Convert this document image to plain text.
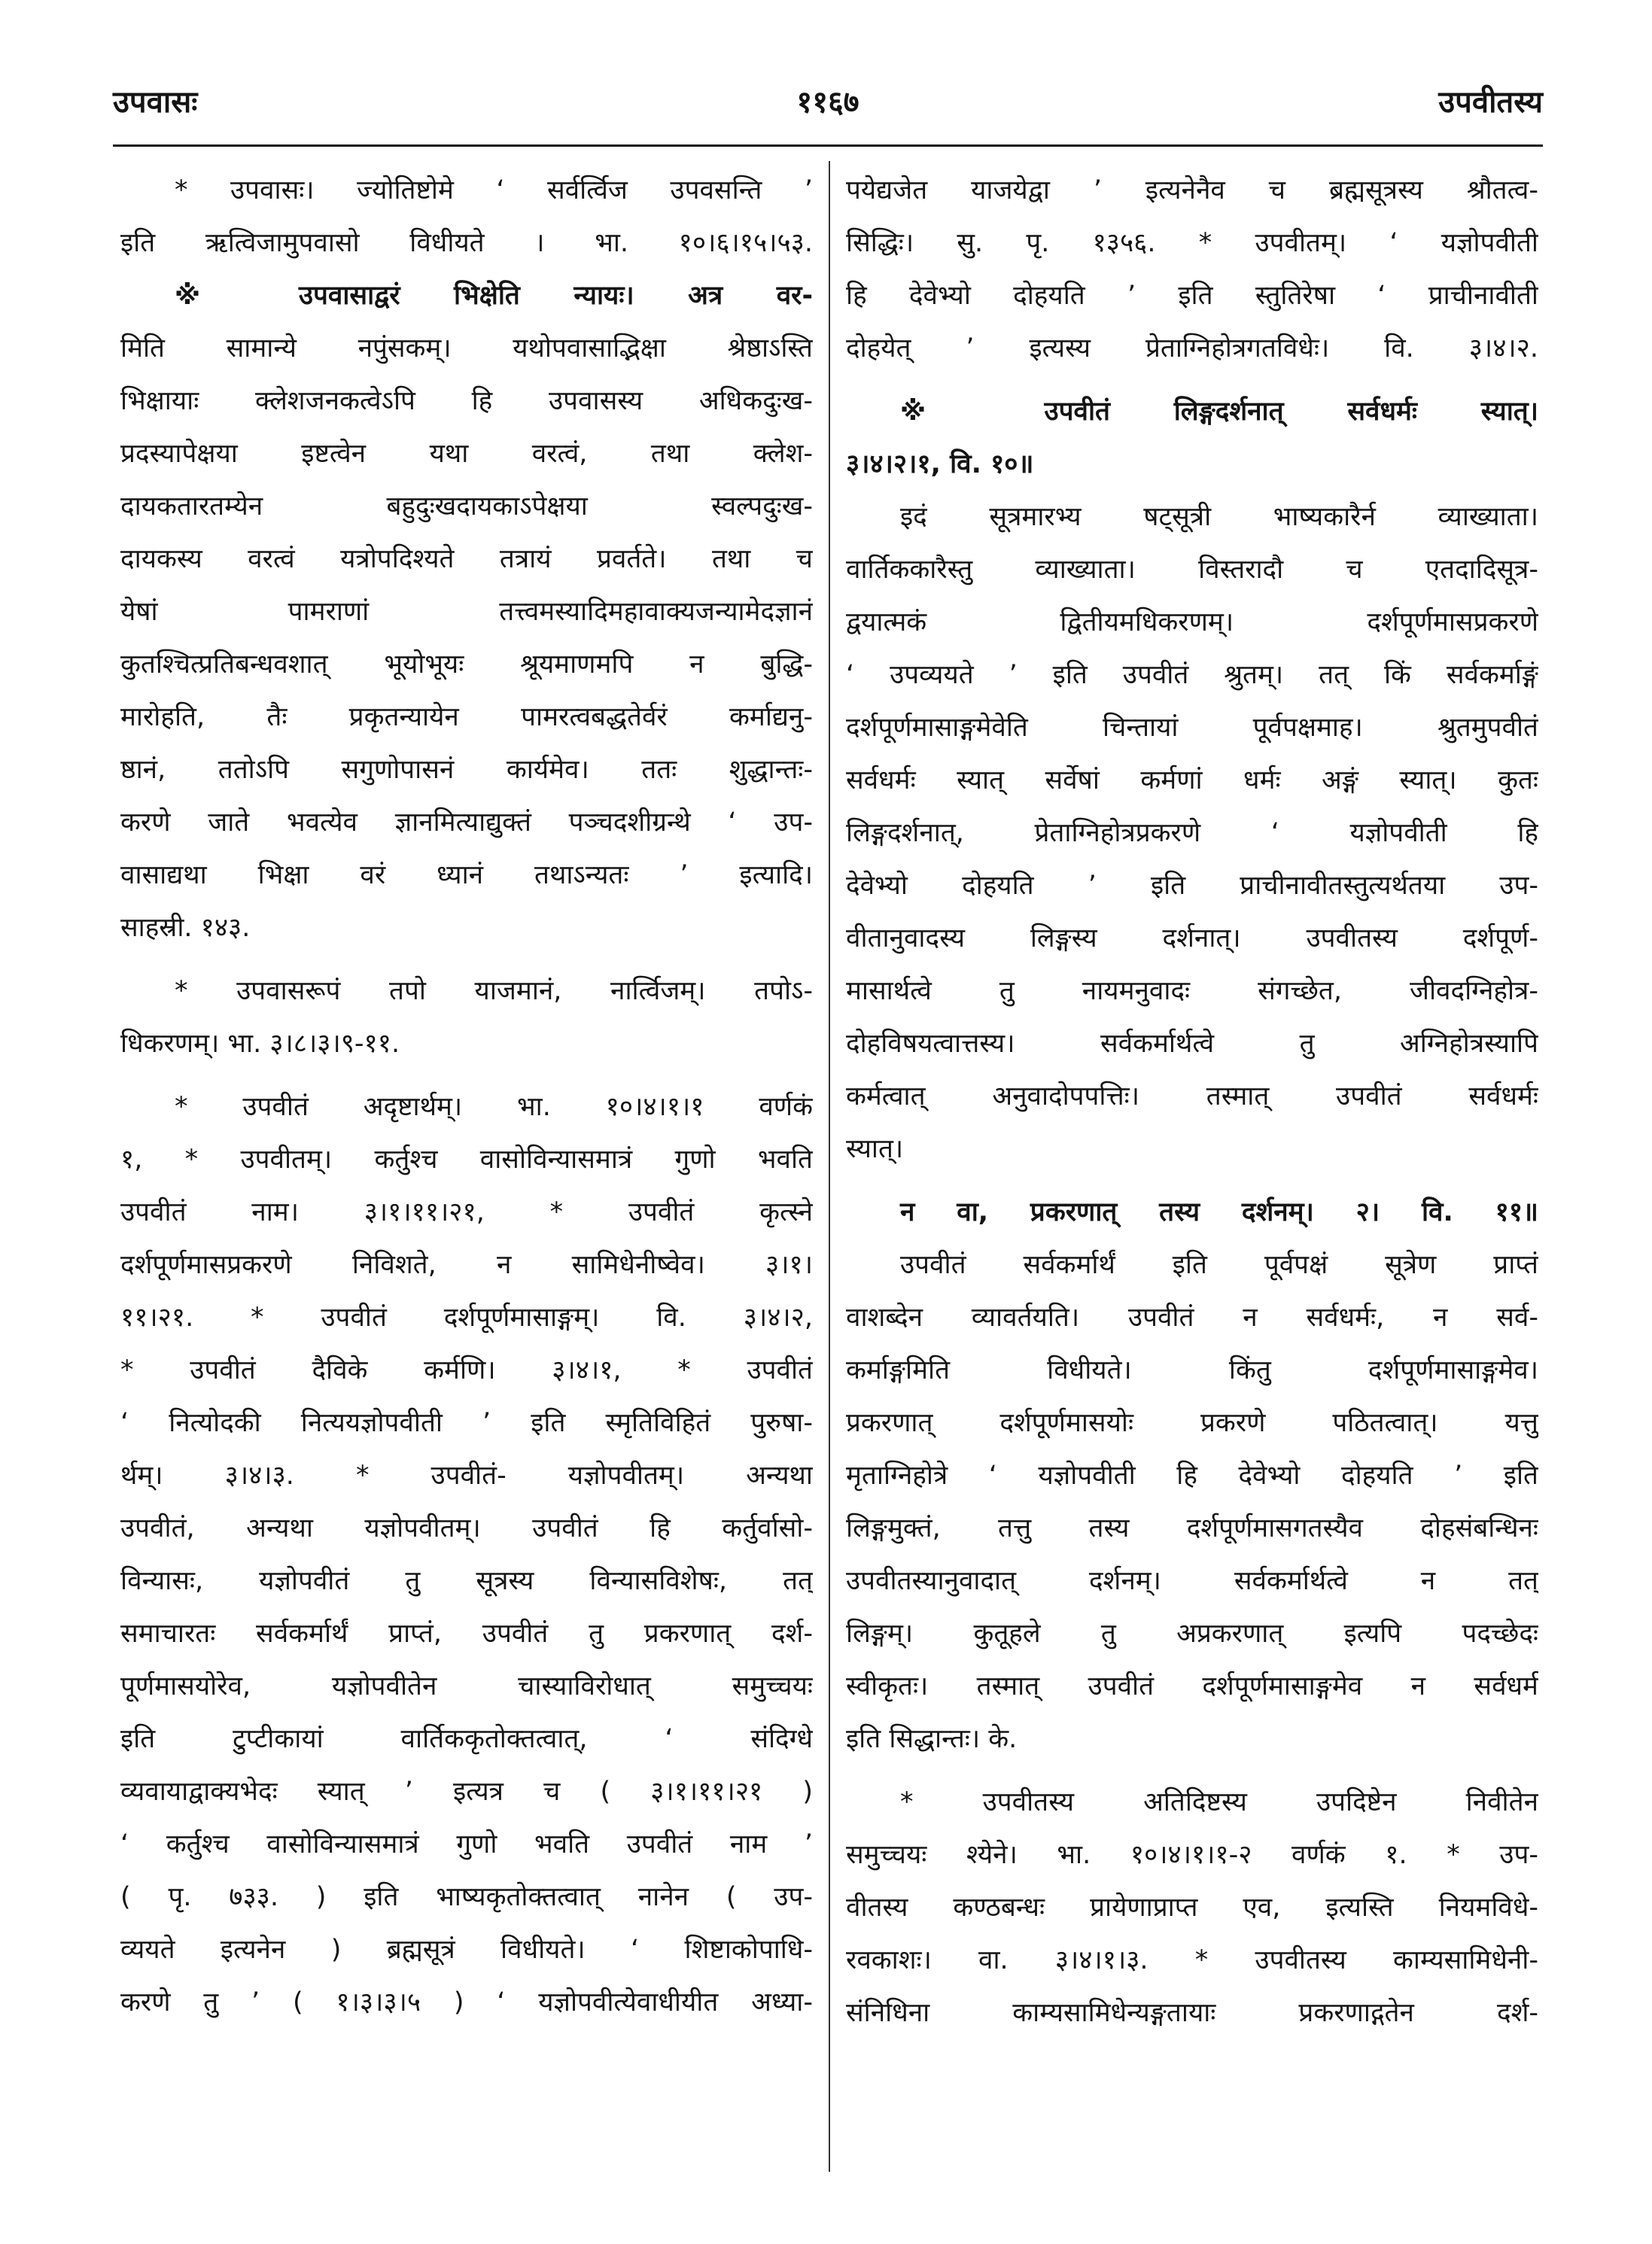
उपवासः	११६७	उपवीतस्य
* उपवासः। ज्योतिष्टोमे ‘ सर्वर्त्विज उपवसन्ति ’
इति ऋत्विजामुपवासो विधीयते । भा. १०।६।१५।५३.
※ उपवासाद्वरं भिक्षेति न्यायः। अत्र वर-
मिति सामान्ये नपुंसकम्। यथोपवासाद्भिक्षा श्रेष्ठाऽस्ति
भिक्षायाः क्लेशजनकत्वेऽपि हि उपवासस्य अधिकदुःख-
प्रदस्यापेक्षया इष्टत्वेन यथा वरत्वं, तथा क्लेश-
दायकतारतम्येन बहुदुःखदायकाऽपेक्षया स्वल्पदुःख-
दायकस्य वरत्वं यत्रोपदिश्यते तत्रायं प्रवर्तते। तथा च
येषां पामराणां तत्त्वमस्यादिमहावाक्यजन्यामेदज्ञानं
कुतश्चित्प्रतिबन्धवशात् भूयोभूयः श्रूयमाणमपि न बुद्धि-
मारोहति, तैः प्रकृतन्यायेन पामरत्वबद्धतेर्वरं कर्माद्यनु-
ष्ठानं, ततोऽपि सगुणोपासनं कार्यमेव। ततः शुद्धान्तः-
करणे जाते भवत्येव ज्ञानमित्याद्युक्तं पञ्चदशीग्रन्थे ‘ उप-
वासाद्यथा भिक्षा वरं ध्यानं तथाऽन्यतः ’ इत्यादि।
साहस्री. १४३.
* उपवासरूपं तपो याजमानं, नार्त्विजम्। तपोऽ-
धिकरणम्। भा. ३।८।३।९-११.
* उपवीतं अदृष्टार्थम्। भा. १०।४।१।१ वर्णकं
१, * उपवीतम्। कर्तुश्च वासोविन्यासमात्रं गुणो भवति
उपवीतं नाम। ३।१।११।२१, * उपवीतं कृत्स्ने
दर्शपूर्णमासप्रकरणे निविशते, न सामिधेनीष्वेव। ३।१।
११।२१. * उपवीतं दर्शपूर्णमासाङ्गम्। वि. ३।४।२,
* उपवीतं दैविके कर्मणि। ३।४।१, * उपवीतं
‘ नित्योदकी नित्ययज्ञोपवीती ’ इति स्मृतिविहितं पुरुषा-
र्थम्। ३।४।३. * उपवीतं- यज्ञोपवीतम्। अन्यथा
उपवीतं, अन्यथा यज्ञोपवीतम्। उपवीतं हि कर्तुर्वासो-
विन्यासः, यज्ञोपवीतं तु सूत्रस्य विन्यासविशेषः, तत्
समाचारतः सर्वकर्मार्थं प्राप्तं, उपवीतं तु प्रकरणात् दर्श-
पूर्णमासयोरेव, यज्ञोपवीतेन चास्याविरोधात् समुच्चयः
इति टुप्टीकायां वार्तिककृतोक्तत्वात्, ‘ संदिग्धे
व्यवायाद्वाक्यभेदः स्यात् ’ इत्यत्र च ( ३।१।११।२१ )
‘ कर्तुश्च वासोविन्यासमात्रं गुणो भवति उपवीतं नाम ’
( पृ. ७३३. ) इति भाष्यकृतोक्तत्वात् नानेन ( उप-
व्ययते इत्यनेन ) ब्रह्मसूत्रं विधीयते। ‘ शिष्टाकोपाधि-
करणे तु ’ ( १।३।३।५ ) ‘ यज्ञोपवीत्येवाधीयीत अध्या-
पयेद्यजेत याजयेद्वा ’ इत्यनेनैव च ब्रह्मसूत्रस्य श्रौतत्व-
सिद्धिः। सु. पृ. १३५६. * उपवीतम्। ‘ यज्ञोपवीती
हि देवेभ्यो दोहयति ’ इति स्तुतिरेषा ‘ प्राचीनावीती
दोहयेत् ’ इत्यस्य प्रेताग्निहोत्रगतविधेः। वि. ३।४।२.
※ उपवीतं लिङ्गदर्शनात् सर्वधर्मः स्यात्।
३।४।२।१, वि. १०॥
इदं सूत्रमारभ्य षट्सूत्री भाष्यकारैर्न व्याख्याता।
वार्तिककारैस्तु व्याख्याता। विस्तरादौ च एतदादिसूत्र-
द्वयात्मकं द्वितीयमधिकरणम्। दर्शपूर्णमासप्रकरणे
‘ उपव्ययते ’ इति उपवीतं श्रुतम्। तत् किं सर्वकर्माङ्गं
दर्शपूर्णमासाङ्गमेवेति चिन्तायां पूर्वपक्षमाह। श्रुतमुपवीतं
सर्वधर्मः स्यात् सर्वेषां कर्मणां धर्मः अङ्गं स्यात्। कुतः
लिङ्गदर्शनात्, प्रेताग्निहोत्रप्रकरणे ‘ यज्ञोपवीती हि
देवेभ्यो दोहयति ’ इति प्राचीनावीतस्तुत्यर्थतया उप-
वीतानुवादस्य लिङ्गस्य दर्शनात्। उपवीतस्य दर्शपूर्ण-
मासार्थत्वे तु नायमनुवादः संगच्छेत, जीवदग्निहोत्र-
दोहविषयत्वात्तस्य। सर्वकर्मार्थत्वे तु अग्निहोत्रस्यापि
कर्मत्वात् अनुवादोपपत्तिः। तस्मात् उपवीतं सर्वधर्मः
स्यात्।
न वा, प्रकरणात् तस्य दर्शनम्। २। वि. ११॥
उपवीतं सर्वकर्मार्थं इति पूर्वपक्षं सूत्रेण प्राप्तं
वाशब्देन व्यावर्तयति। उपवीतं न सर्वधर्मः, न सर्व-
कर्माङ्गमिति विधीयते। किंतु दर्शपूर्णमासाङ्गमेव।
प्रकरणात् दर्शपूर्णमासयोः प्रकरणे पठितत्वात्। यत्तु
मृताग्निहोत्रे ‘ यज्ञोपवीती हि देवेभ्यो दोहयति ’ इति
लिङ्गमुक्तं, तत्तु तस्य दर्शपूर्णमासगतस्यैव दोहसंबन्धिनः
उपवीतस्यानुवादात् दर्शनम्। सर्वकर्मार्थत्वे न तत्
लिङ्गम्। कुतूहले तु अप्रकरणात् इत्यपि पदच्छेदः
स्वीकृतः। तस्मात् उपवीतं दर्शपूर्णमासाङ्गमेव न सर्वधर्म
इति सिद्धान्तः। के.
* उपवीतस्य अतिदिष्टस्य उपदिष्टेन निवीतेन
समुच्चयः श्येने। भा. १०।४।१।१-२ वर्णकं १. * उप-
वीतस्य कण्ठबन्धः प्रायेणाप्राप्त एव, इत्यस्ति नियमविधे-
रवकाशः। वा. ३।४।१।३. * उपवीतस्य काम्यसामिधेनी-
संनिधिना काम्यसामिधेन्यङ्गतायाः प्रकरणाद्गतेन दर्श-
